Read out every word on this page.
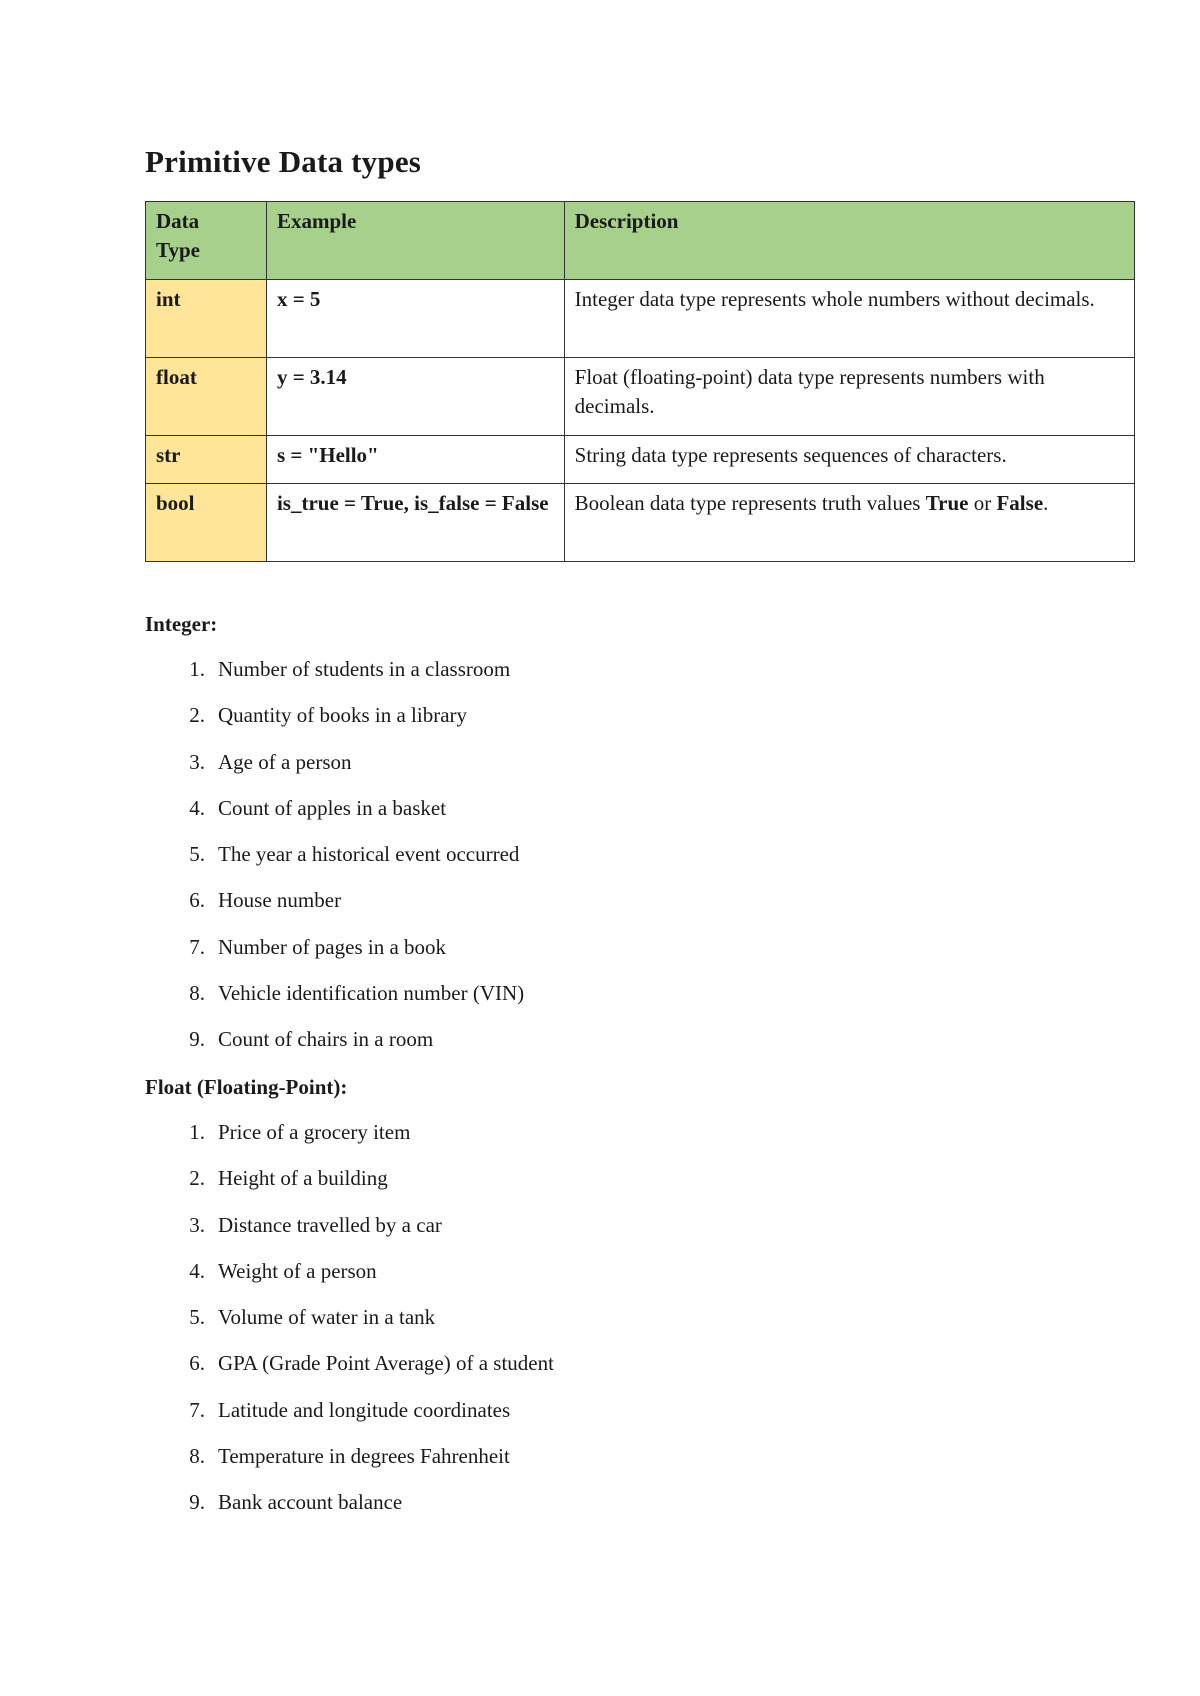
Primitive Data types
Data Type	Example	Description
int	x = 5	Integer data type represents whole numbers without decimals.
float	y = 3.14	Float (floating-point) data type represents numbers with decimals.
str	s = "Hello"	String data type represents sequences of characters.
bool	is_true = True, is_false = False	Boolean data type represents truth values True or False.
Integer:
1. Number of students in a classroom
2. Quantity of books in a library
3. Age of a person
4. Count of apples in a basket
5. The year a historical event occurred
6. House number
7. Number of pages in a book
8. Vehicle identification number (VIN)
9. Count of chairs in a room
Float (Floating-Point):
1. Price of a grocery item
2. Height of a building
3. Distance travelled by a car
4. Weight of a person
5. Volume of water in a tank
6. GPA (Grade Point Average) of a student
7. Latitude and longitude coordinates
8. Temperature in degrees Fahrenheit
9. Bank account balance
